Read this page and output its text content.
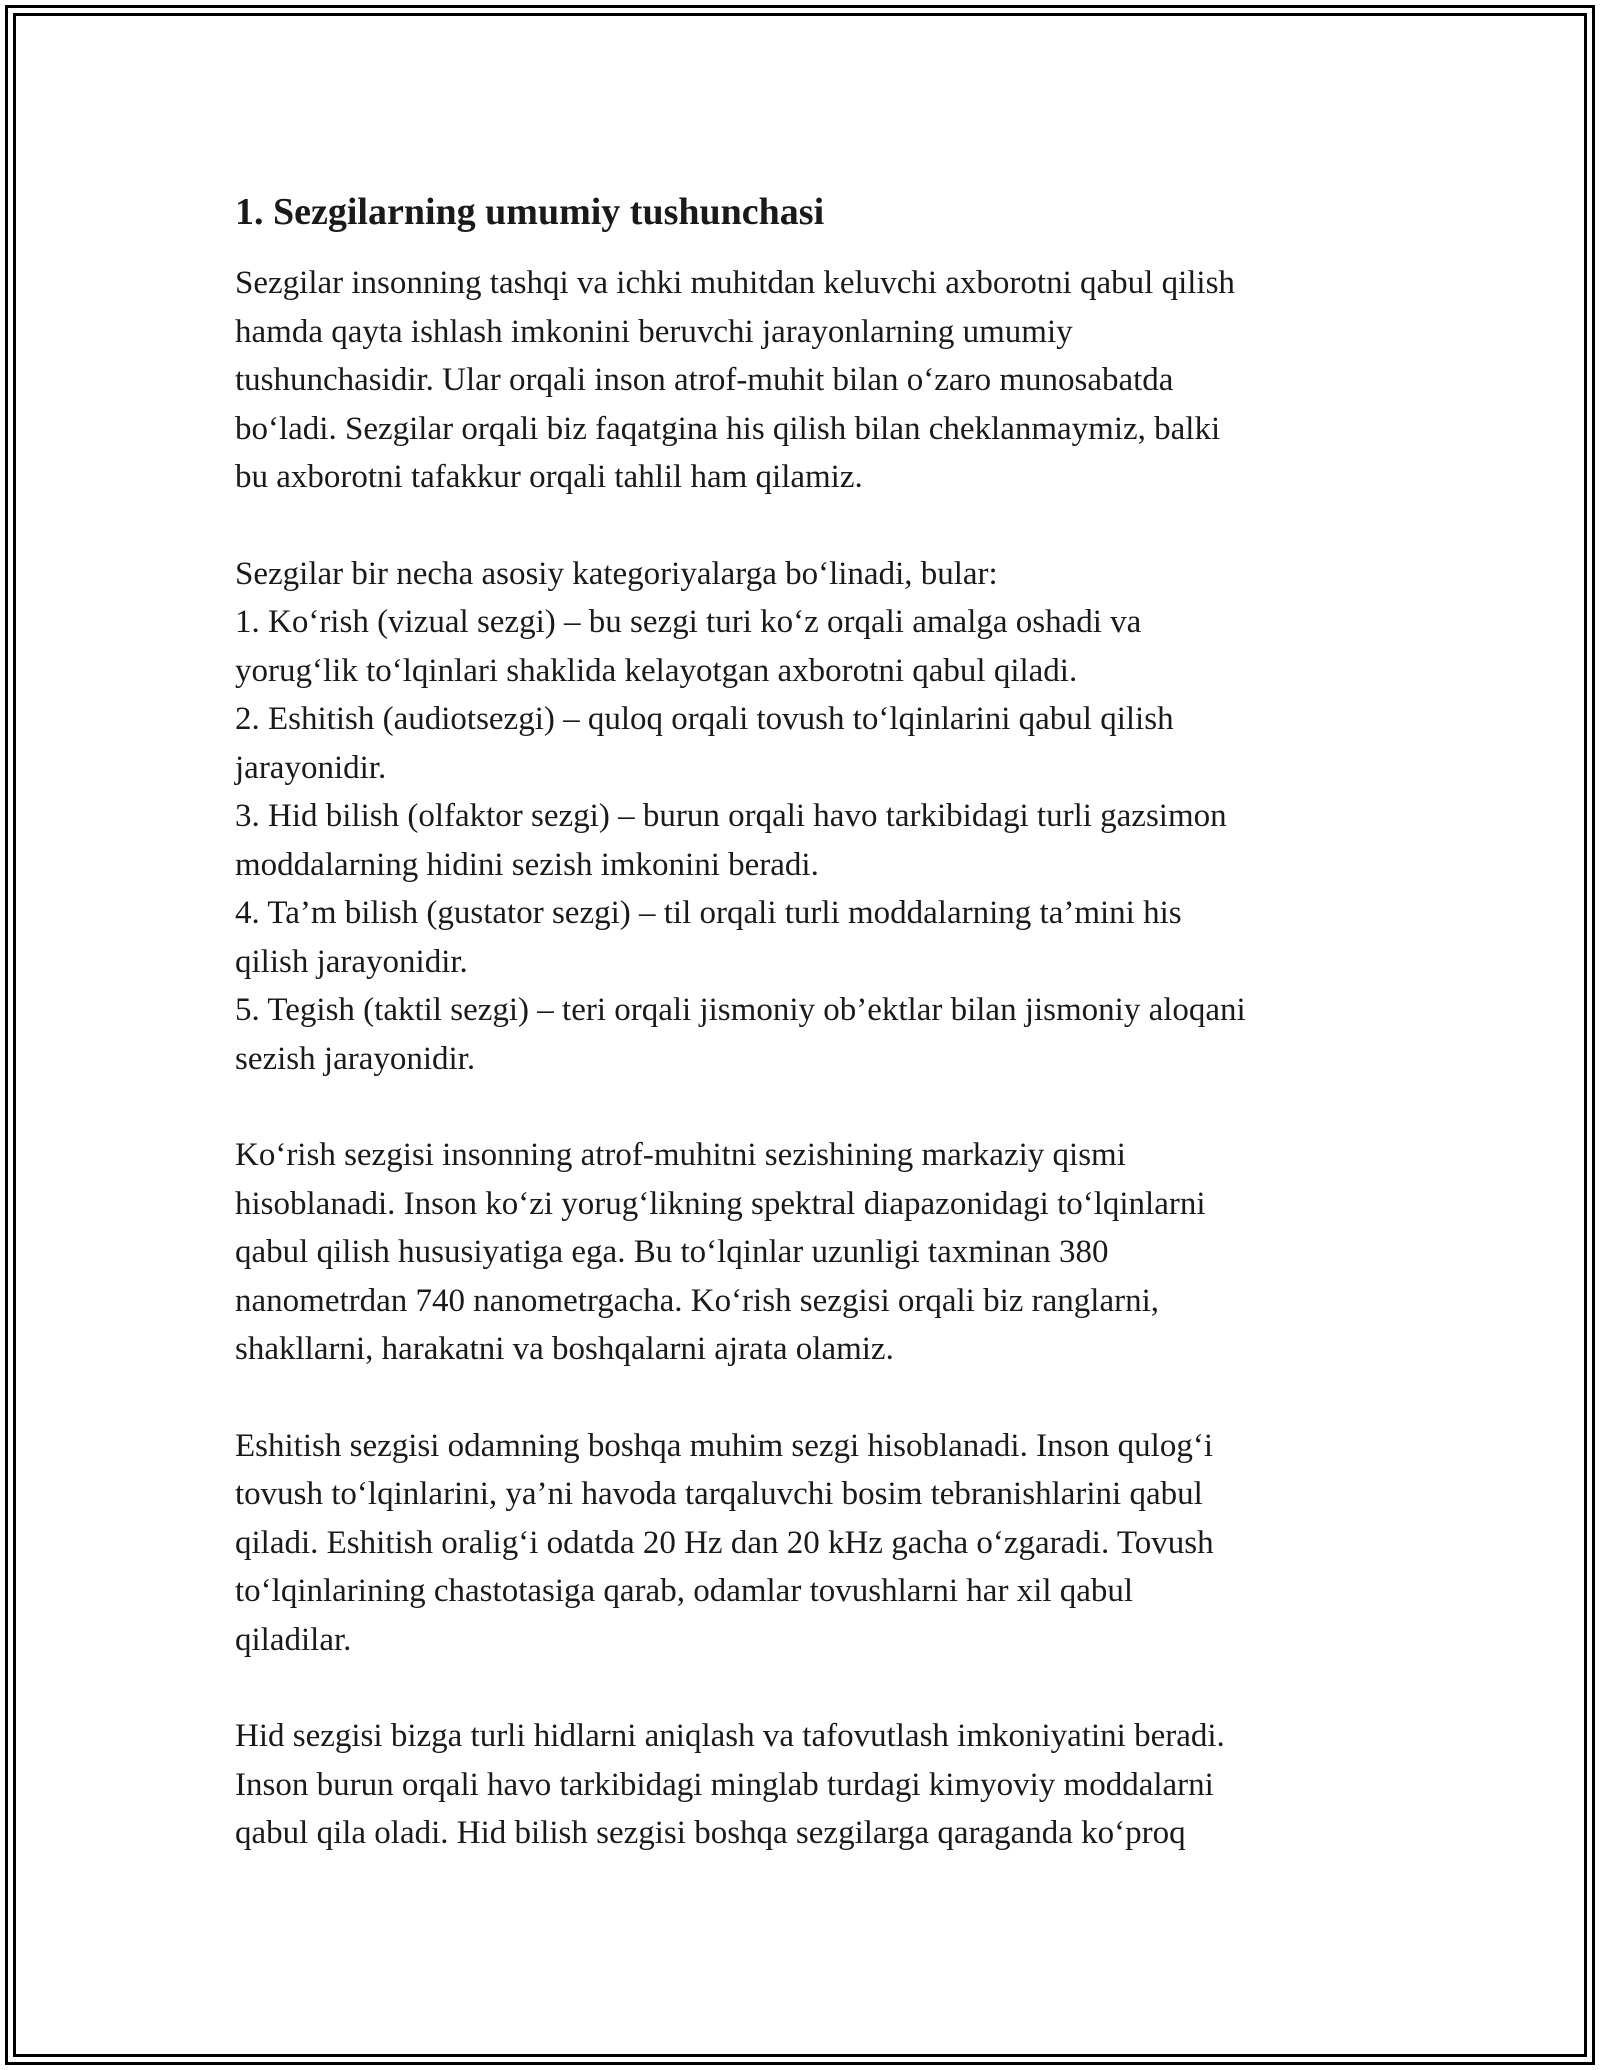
1. Sezgilarning umumiy tushunchasi
Sezgilar insonning tashqi va ichki muhitdan keluvchi axborotni qabul qilish
hamda qayta ishlash imkonini beruvchi jarayonlarning umumiy
tushunchasidir. Ular orqali inson atrof-muhit bilan oʻzaro munosabatda
boʻladi. Sezgilar orqali biz faqatgina his qilish bilan cheklanmaymiz, balki
bu axborotni tafakkur orqali tahlil ham qilamiz.
Sezgilar bir necha asosiy kategoriyalarga boʻlinadi, bular:
1. Koʻrish (vizual sezgi) – bu sezgi turi koʻz orqali amalga oshadi va
yorugʻlik toʻlqinlari shaklida kelayotgan axborotni qabul qiladi.
2. Eshitish (audiotsezgi) – quloq orqali tovush toʻlqinlarini qabul qilish
jarayonidir.
3. Hid bilish (olfaktor sezgi) – burun orqali havo tarkibidagi turli gazsimon
moddalarning hidini sezish imkonini beradi.
4. Ta’m bilish (gustator sezgi) – til orqali turli moddalarning ta’mini his
qilish jarayonidir.
5. Tegish (taktil sezgi) – teri orqali jismoniy ob’ektlar bilan jismoniy aloqani
sezish jarayonidir.
Koʻrish sezgisi insonning atrof-muhitni sezishining markaziy qismi
hisoblanadi. Inson koʻzi yorugʻlikning spektral diapazonidagi toʻlqinlarni
qabul qilish hususiyatiga ega. Bu toʻlqinlar uzunligi taxminan 380
nanometrdan 740 nanometrgacha. Koʻrish sezgisi orqali biz ranglarni,
shakllarni, harakatni va boshqalarni ajrata olamiz.
Eshitish sezgisi odamning boshqa muhim sezgi hisoblanadi. Inson qulogʻi
tovush toʻlqinlarini, ya’ni havoda tarqaluvchi bosim tebranishlarini qabul
qiladi. Eshitish oraligʻi odatda 20 Hz dan 20 kHz gacha oʻzgaradi. Tovush
toʻlqinlarining chastotasiga qarab, odamlar tovushlarni har xil qabul
qiladilar.
Hid sezgisi bizga turli hidlarni aniqlash va tafovutlash imkoniyatini beradi.
Inson burun orqali havo tarkibidagi minglab turdagi kimyoviy moddalarni
qabul qila oladi. Hid bilish sezgisi boshqa sezgilarga qaraganda koʻproq
